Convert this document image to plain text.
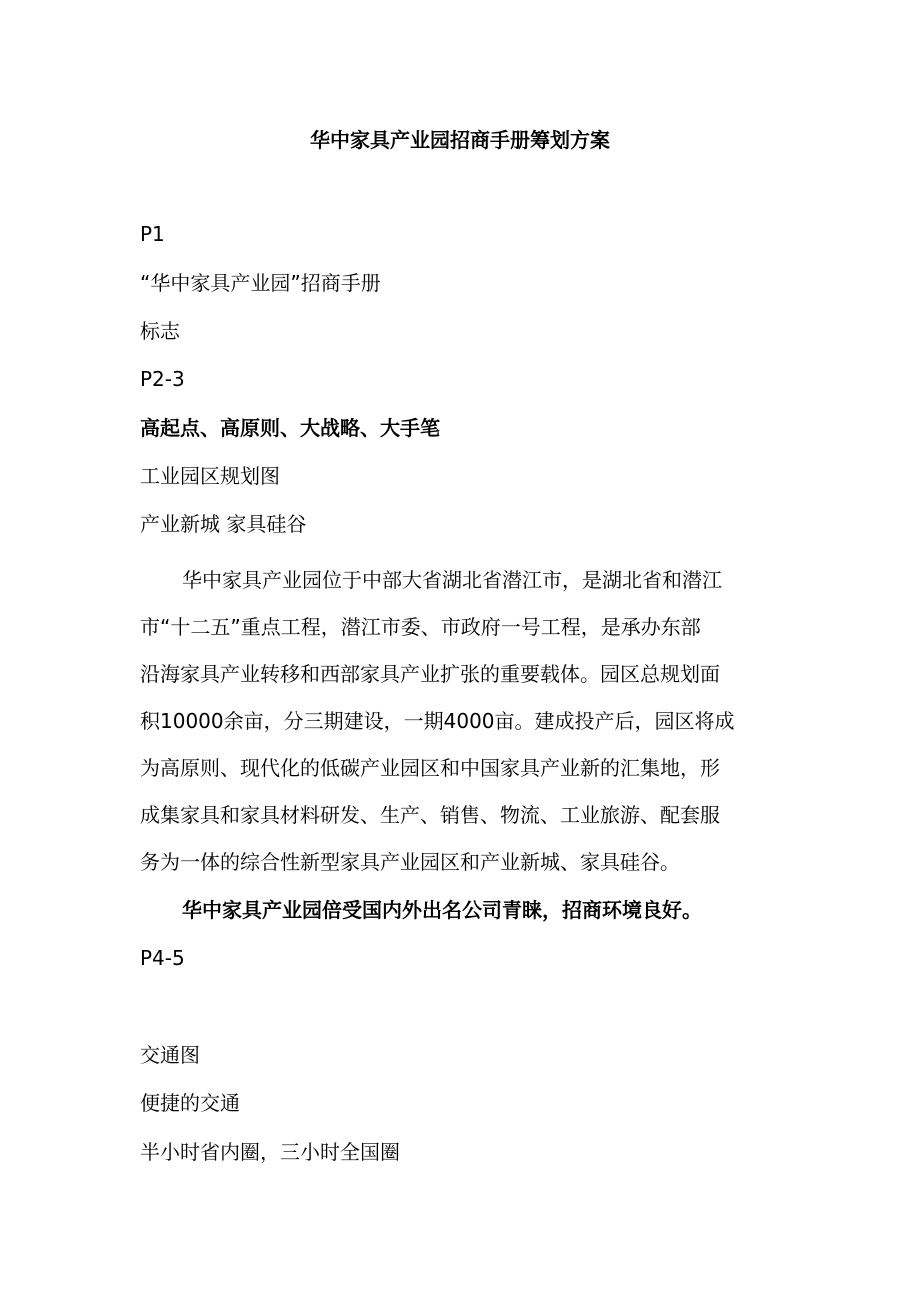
华中家具产业园招商手册筹划方案
P1
“华中家具产业园”招商手册
标志
P2-3
高起点、高原则、大战略、大手笔
工业园区规划图
产业新城 家具硅谷
华中家具产业园位于中部大省湖北省潜江市，是湖北省和潜江
市“十二五”重点工程，潜江市委、市政府一号工程，是承办东部
沿海家具产业转移和西部家具产业扩张的重要载体。园区总规划面
积10000余亩，分三期建设，一期4000亩。建成投产后，园区将成
为高原则、现代化的低碳产业园区和中国家具产业新的汇集地，形
成集家具和家具材料研发、生产、销售、物流、工业旅游、配套服
务为一体的综合性新型家具产业园区和产业新城、家具硅谷。
华中家具产业园倍受国内外出名公司青睐，招商环境良好。
P4-5
交通图
便捷的交通
半小时省内圈，三小时全国圈
